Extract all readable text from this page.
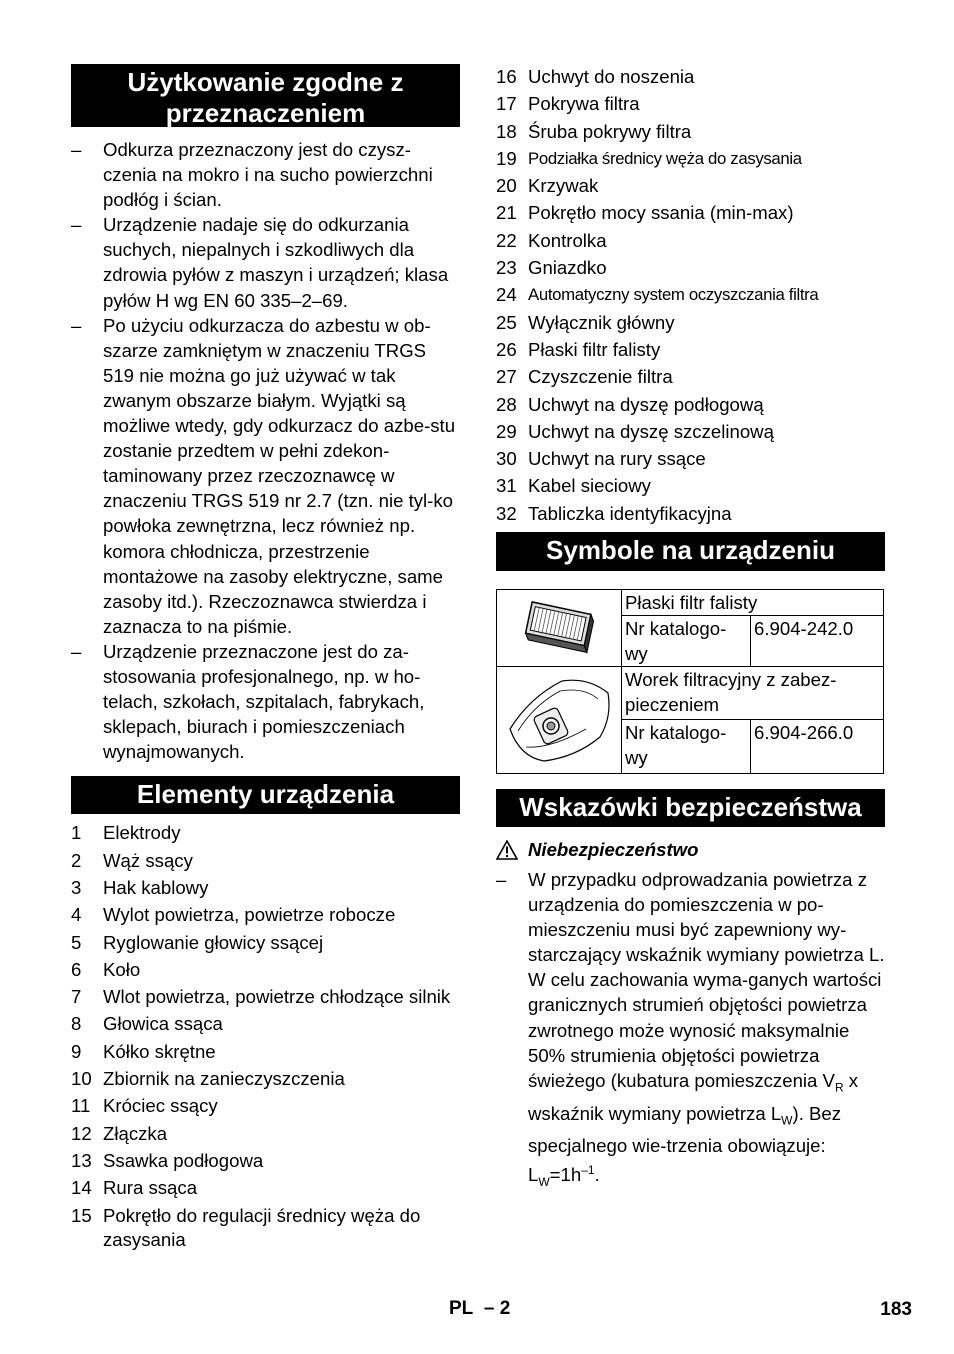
Użytkowanie zgodne z przeznaczeniem
–	Odkurza przeznaczony jest do czysz-czenia na mokro i na sucho powierzchni podłóg i ścian.
–	Urządzenie nadaje się do odkurzania suchych, niepalnych i szkodliwych dla zdrowia pyłów z maszyn i urządzeń; klasa pyłów H wg EN 60 335–2–69.
–	Po użyciu odkurzacza do azbestu w ob-szarze zamkniętym w znaczeniu TRGS 519 nie można go już używać w tak zwanym obszarze białym. Wyjątki są możliwe wtedy, gdy odkurzacz do azbe-stu zostanie przedtem w pełni zdekon-taminowany przez rzeczoznawcę w znaczeniu TRGS 519 nr 2.7 (tzn. nie tyl-ko powłoka zewnętrzna, lecz również np. komora chłodnicza, przestrzenie montażowe na zasoby elektryczne, same zasoby itd.). Rzeczoznawca stwierdza i zaznacza to na piśmie.
–	Urządzenie przeznaczone jest do za-stosowania profesjonalnego, np. w ho-telach, szkołach, szpitalach, fabrykach, sklepach, biurach i pomieszczeniach wynajmowanych.
Elementy urządzenia
1	Elektrody
2	Wąż ssący
3	Hak kablowy
4	Wylot powietrza, powietrze robocze
5	Ryglowanie głowicy ssącej
6	Koło
7	Wlot powietrza, powietrze chłodzące silnik
8	Głowica ssąca
9	Kółko skrętne
10 Zbiornik na zanieczyszczenia
11 Króciec ssący
12 Złączka
13 Ssawka podłogowa
14 Rura ssąca
15 Pokrętło do regulacji średnicy węża do zasysania
16 Uchwyt do noszenia
17 Pokrywa filtra
18 Śruba pokrywy filtra
19 Podziałka średnicy węża do zasysania
20 Krzywak
21 Pokrętło mocy ssania (min-max)
22 Kontrolka
23 Gniazdko
24 Automatyczny system oczyszczania filtra
25 Wyłącznik główny
26 Płaski filtr falisty
27 Czyszczenie filtra
28 Uchwyt na dyszę podłogową
29 Uchwyt na dyszę szczelinową
30 Uchwyt na rury ssące
31 Kabel sieciowy
32 Tabliczka identyfikacyjna
Symbole na urządzeniu
	Płaski filtr falisty	
	Nr katalogo-wy	6.904-242.0
	Worek filtracyjny z zabez-pieczeniem	
	Nr katalogo-wy	6.904-266.0
Wskazówki bezpieczeństwa
Niebezpieczeństwo
–	W przypadku odprowadzania powietrza z urządzenia do pomieszczenia w po-mieszczeniu musi być zapewniony wy-starczający wskaźnik wymiany powietrza L. W celu zachowania wyma-ganych wartości granicznych strumień objętości powietrza zwrotnego może wynosić maksymalnie 50% strumienia objętości powietrza świeżego (kubatura pomieszczenia $V_R$ x wskaźnik wymiany powietrza $L_W$). Bez specjalnego wie-trzenia obowiązuje: $L_W=1h^{-1}$.
PL – 2	183
